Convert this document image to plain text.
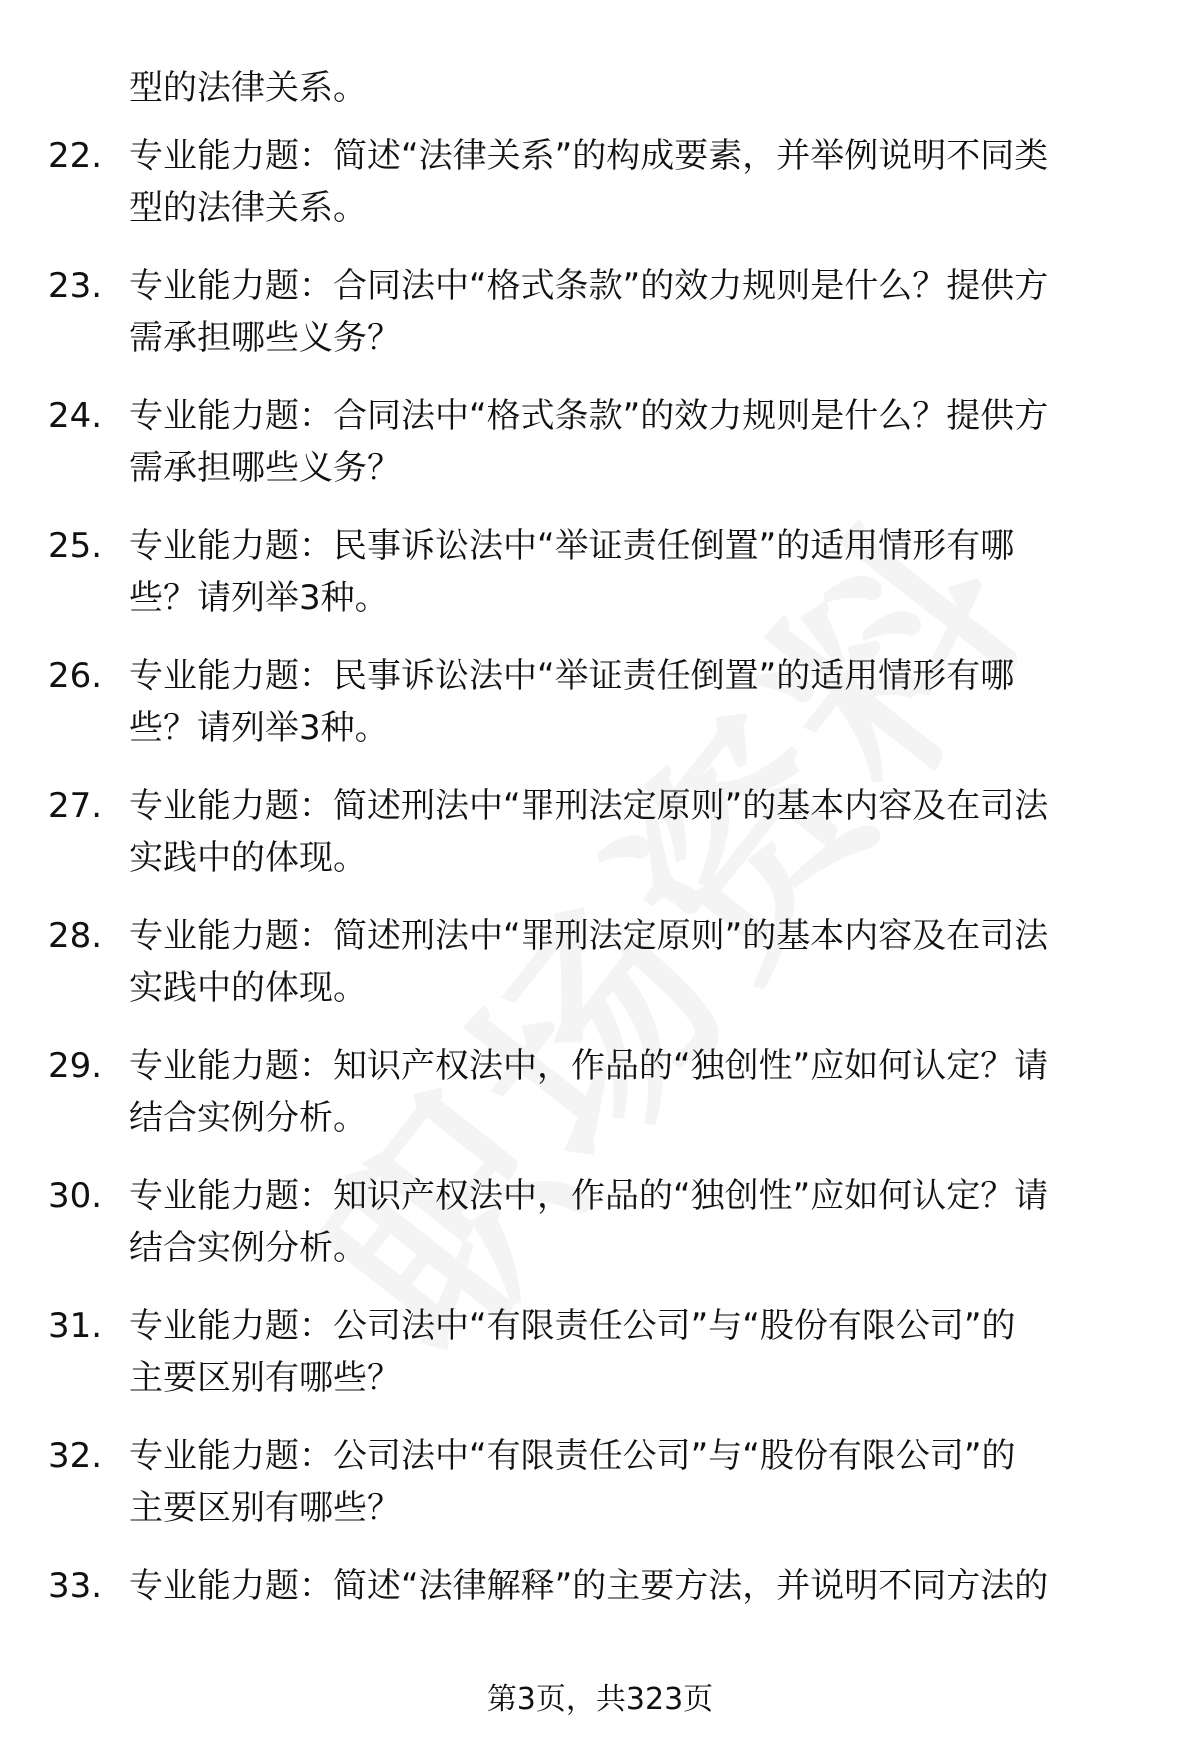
型的法律关系。
22. 专业能力题：简述“法律关系”的构成要素，并举例说明不同类
型的法律关系。
23. 专业能力题：合同法中“格式条款”的效力规则是什么？提供方
需承担哪些义务？
24. 专业能力题：合同法中“格式条款”的效力规则是什么？提供方
需承担哪些义务？
25. 专业能力题：民事诉讼法中“举证责任倒置”的适用情形有哪
些？请列举3种。
26. 专业能力题：民事诉讼法中“举证责任倒置”的适用情形有哪
些？请列举3种。
27. 专业能力题：简述刑法中“罪刑法定原则”的基本内容及在司法
实践中的体现。
28. 专业能力题：简述刑法中“罪刑法定原则”的基本内容及在司法
实践中的体现。
29. 专业能力题：知识产权法中，作品的“独创性”应如何认定？请
结合实例分析。
30. 专业能力题：知识产权法中，作品的“独创性”应如何认定？请
结合实例分析。
31. 专业能力题：公司法中“有限责任公司”与“股份有限公司”的
主要区别有哪些？
32. 专业能力题：公司法中“有限责任公司”与“股份有限公司”的
主要区别有哪些？
33. 专业能力题：简述“法律解释”的主要方法，并说明不同方法的
第3页，共323页
